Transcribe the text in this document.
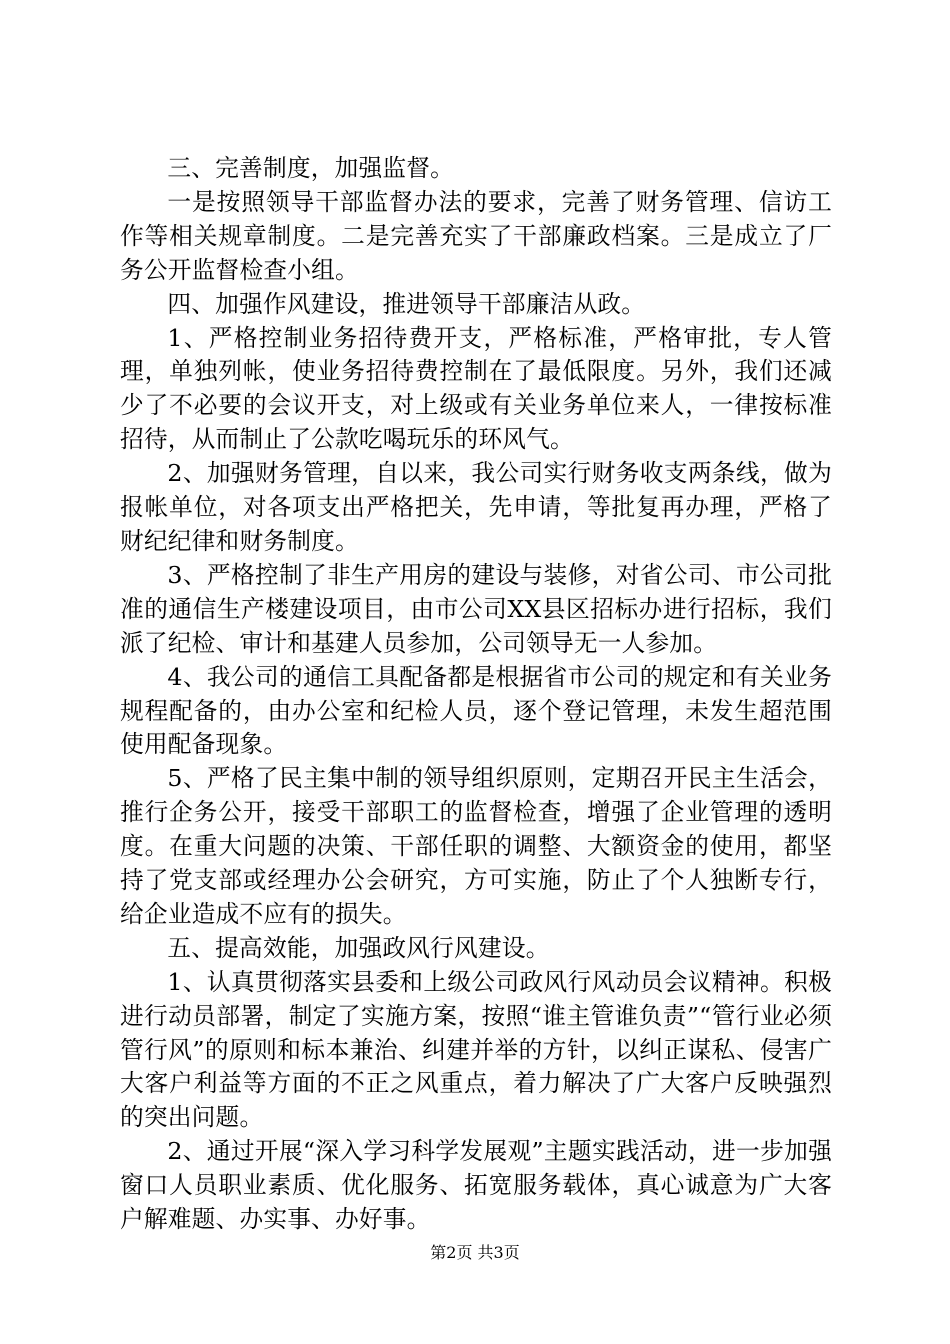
三、完善制度，加强监督。

一是按照领导干部监督办法的要求，完善了财务管理、信访工作等相关规章制度。二是完善充实了干部廉政档案。三是成立了厂务公开监督检查小组。

四、加强作风建设，推进领导干部廉洁从政。

1、严格控制业务招待费开支，严格标准，严格审批，专人管理，单独列帐，使业务招待费控制在了最低限度。另外，我们还减少了不必要的会议开支，对上级或有关业务单位来人，一律按标准招待，从而制止了公款吃喝玩乐的环风气。

2、加强财务管理，自以来，我公司实行财务收支两条线，做为报帐单位，对各项支出严格把关，先申请，等批复再办理，严格了财纪纪律和财务制度。

3、严格控制了非生产用房的建设与装修，对省公司、市公司批准的通信生产楼建设项目，由市公司XX县区招标办进行招标，我们派了纪检、审计和基建人员参加，公司领导无一人参加。

4、我公司的通信工具配备都是根据省市公司的规定和有关业务规程配备的，由办公室和纪检人员，逐个登记管理，未发生超范围使用配备现象。

5、严格了民主集中制的领导组织原则，定期召开民主生活会，推行企务公开，接受干部职工的监督检查，增强了企业管理的透明度。在重大问题的决策、干部任职的调整、大额资金的使用，都坚持了党支部或经理办公会研究，方可实施，防止了个人独断专行，给企业造成不应有的损失。

五、提高效能，加强政风行风建设。

1、认真贯彻落实县委和上级公司政风行风动员会议精神。积极进行动员部署，制定了实施方案，按照“谁主管谁负责”“管行业必须管行风”的原则和标本兼治、纠建并举的方针，以纠正谋私、侵害广大客户利益等方面的不正之风重点，着力解决了广大客户反映强烈的突出问题。

2、通过开展“深入学习科学发展观”主题实践活动，进一步加强窗口人员职业素质、优化服务、拓宽服务载体，真心诚意为广大客户解难题、办实事、办好事。

第2页 共3页
